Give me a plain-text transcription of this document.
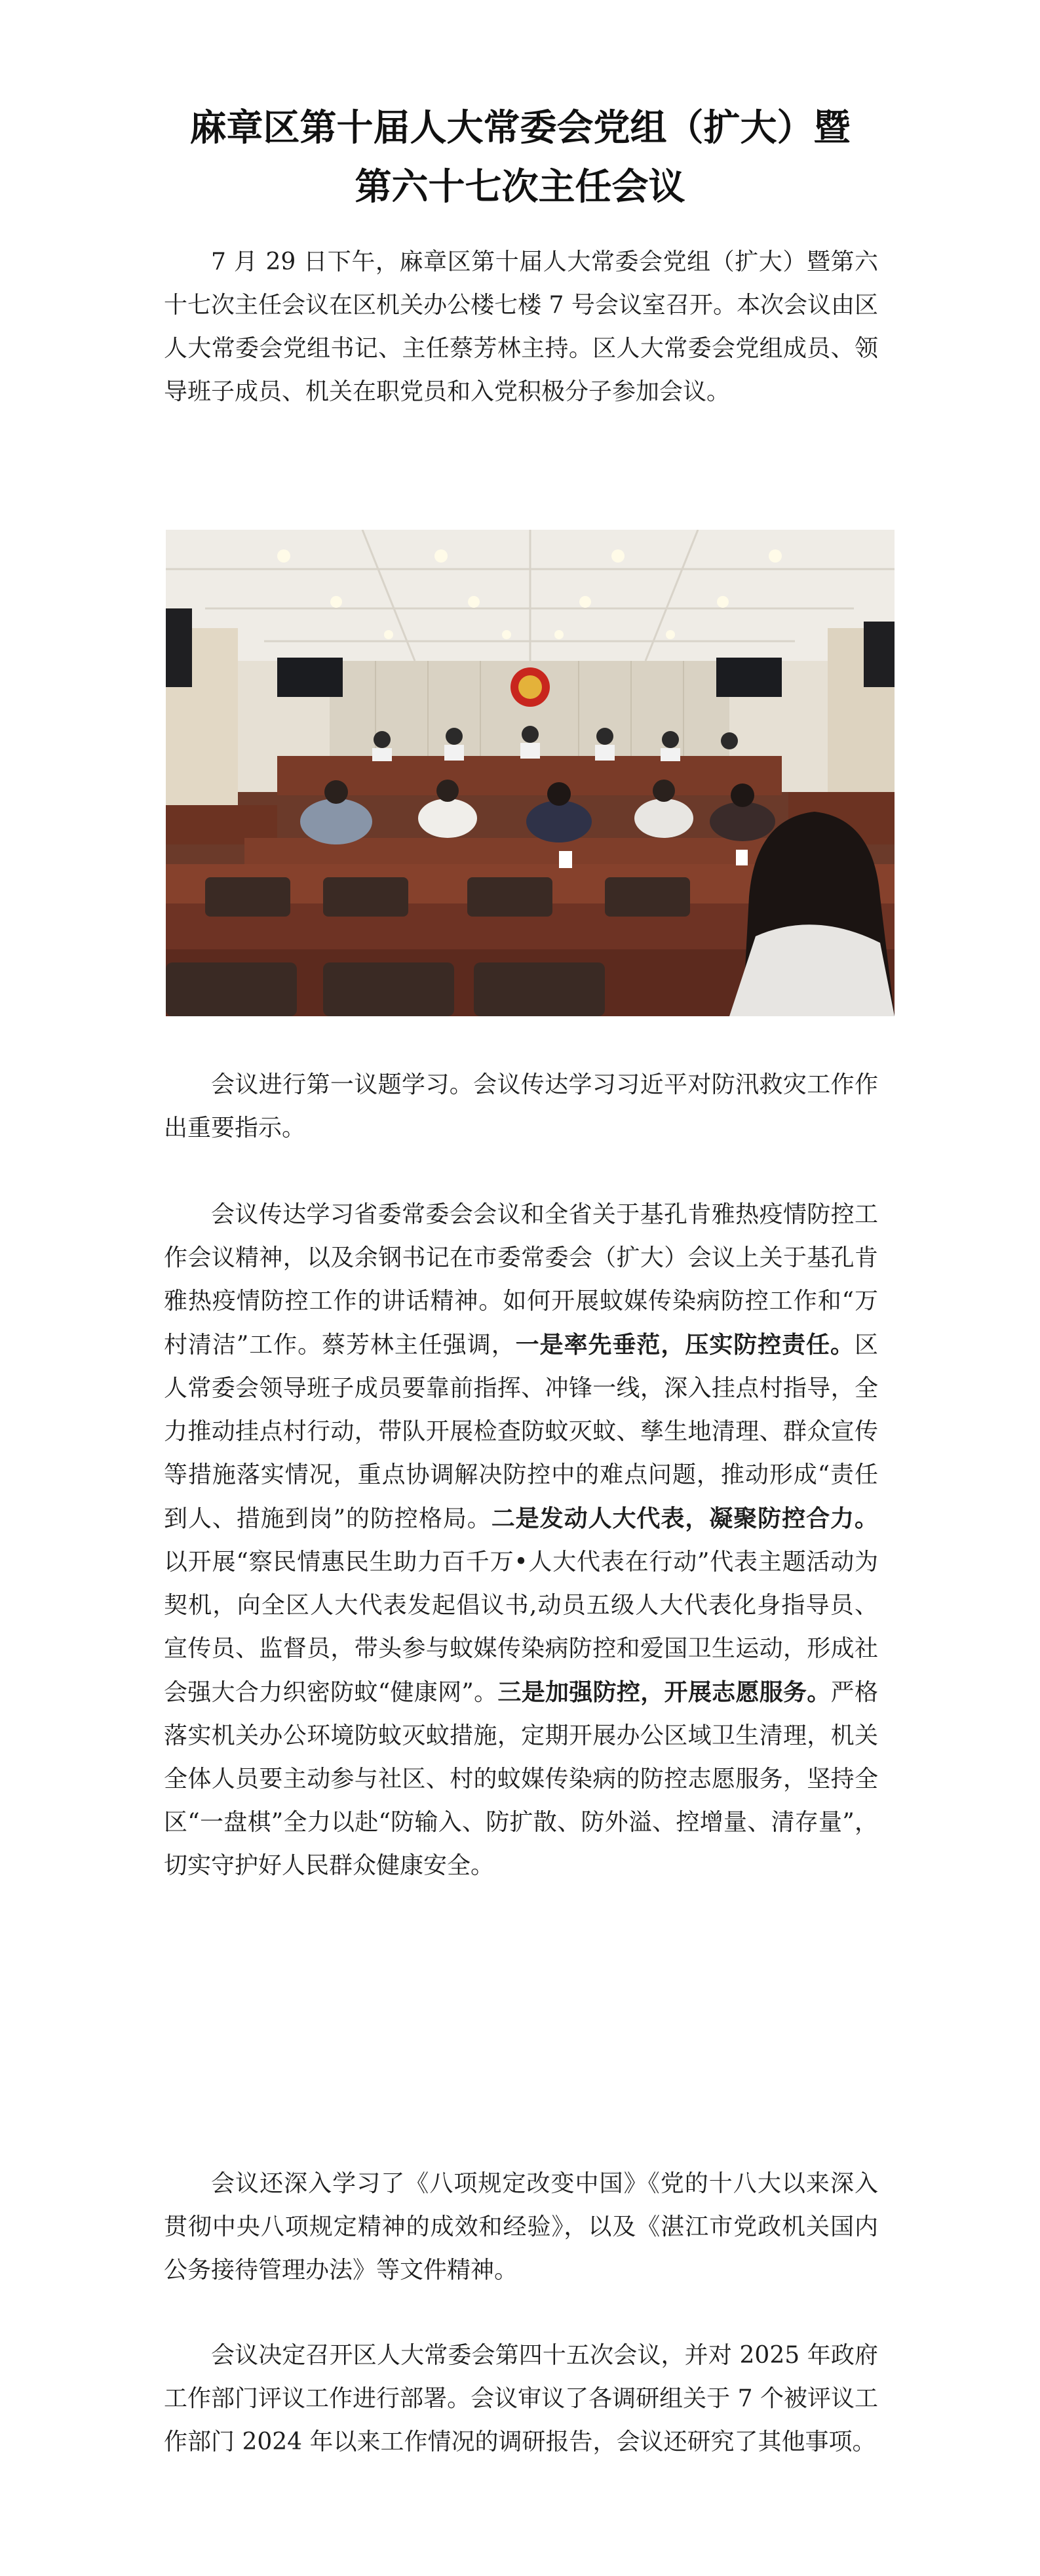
麻章区第十届人大常委会党组（扩大）暨
第六十七次主任会议

7 月 29 日下午，麻章区第十届人大常委会党组（扩大）暨第六十七次主任会议在区机关办公楼七楼 7 号会议室召开。本次会议由区人大常委会党组书记、主任蔡芳林主持。区人大常委会党组成员、领导班子成员、机关在职党员和入党积极分子参加会议。

会议进行第一议题学习。会议传达学习习近平对防汛救灾工作作出重要指示。

会议传达学习省委常委会会议和全省关于基孔肯雅热疫情防控工作会议精神，以及余钢书记在市委常委会（扩大）会议上关于基孔肯雅热疫情防控工作的讲话精神。如何开展蚊媒传染病防控工作和“万村清洁”工作。蔡芳林主任强调，一是率先垂范，压实防控责任。区人常委会领导班子成员要靠前指挥、冲锋一线，深入挂点村指导，全力推动挂点村行动，带队开展检查防蚊灭蚊、孳生地清理、群众宣传等措施落实情况，重点协调解决防控中的难点问题，推动形成“责任到人、措施到岗”的防控格局。二是发动人大代表，凝聚防控合力。以开展“察民情惠民生助力百千万•人大代表在行动”代表主题活动为契机，向全区人大代表发起倡议书,动员五级人大代表化身指导员、宣传员、监督员，带头参与蚊媒传染病防控和爱国卫生运动，形成社会强大合力织密防蚊“健康网”。三是加强防控，开展志愿服务。严格落实机关办公环境防蚊灭蚊措施，定期开展办公区域卫生清理，机关全体人员要主动参与社区、村的蚊媒传染病的防控志愿服务，坚持全区“一盘棋”全力以赴“防输入、防扩散、防外溢、控增量、清存量”，切实守护好人民群众健康安全。

会议还深入学习了《八项规定改变中国》《党的十八大以来深入贯彻中央八项规定精神的成效和经验》，以及《湛江市党政机关国内公务接待管理办法》等文件精神。

会议决定召开区人大常委会第四十五次会议，并对 2025 年政府工作部门评议工作进行部署。会议审议了各调研组关于 7 个被评议工作部门 2024 年以来工作情况的调研报告，会议还研究了其他事项。
